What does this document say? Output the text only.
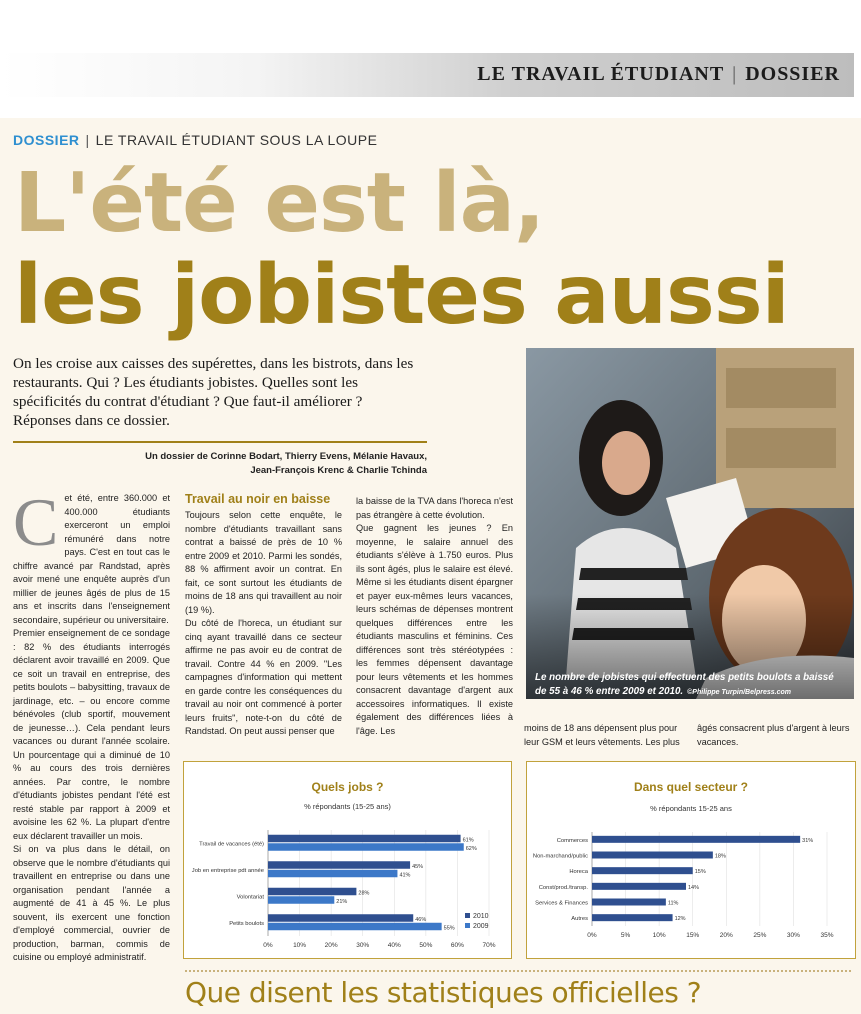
LE TRAVAIL ÉTUDIANT | DOSSIER
DOSSIER | LE TRAVAIL ÉTUDIANT SOUS LA LOUPE
L'été est là,
les jobistes aussi
On les croise aux caisses des supérettes, dans les bistrots, dans les restaurants. Qui ? Les étudiants jobistes. Quelles sont les spécificités du contrat d'étudiant ? Que faut-il améliorer ? Réponses dans ce dossier.
Un dossier de Corinne Bodart, Thierry Evens, Mélanie Havaux,
Jean-François Krenc & Charlie Tchinda
Le nombre de jobistes qui effectuent des petits boulots a baissé de 55 à 46 % entre 2009 et 2010. ©Philippe Turpin/Belpress.com

Cet été, entre 360.000 et 400.000 étudiants exerceront un emploi rémunéré dans notre pays. C'est en tout cas le chiffre avancé par Randstad, après avoir mené une enquête auprès d'un millier de jeunes âgés de plus de 15 ans et inscrits dans l'enseignement secondaire, supérieur ou universitaire.

Premier enseignement de ce sondage : 82 % des étudiants interrogés déclarent avoir travaillé en 2009. Que ce soit un travail en entreprise, des petits boulots – babysitting, travaux de jardinage, etc. – ou encore comme bénévoles (club sportif, mouvement de jeunesse…). Cela pendant leurs vacances ou durant l'année scolaire. Un pourcentage qui a diminué de 10 % au cours des trois dernières années. Par contre, le nombre d'étudiants jobistes pendant l'été est resté stable par rapport à 2009 et avoisine les 62 %. La plupart d'entre eux déclarent travailler un mois.

Si on va plus dans le détail, on observe que le nombre d'étudiants qui travaillent en entreprise ou dans une organisation pendant l'année a augmenté de 41 à 45 %. Le plus souvent, ils exercent une fonction d'employé commercial, ouvrier de production, barman, commis de cuisine ou employé administratif.

Travail au noir en baisse

Toujours selon cette enquête, le nombre d'étudiants travaillant sans contrat a baissé de près de 10 % entre 2009 et 2010. Parmi les sondés, 88 % affirment avoir un contrat. En fait, ce sont surtout les étudiants de moins de 18 ans qui travaillent au noir (19 %).

Du côté de l'horeca, un étudiant sur cinq ayant travaillé dans ce secteur affirme ne pas avoir eu de contrat de travail. Contre 44 % en 2009. "Les campagnes d'information qui mettent en garde contre les conséquences du travail au noir ont commencé à porter leurs fruits", note-t-on du côté de Randstad. On peut aussi penser que

la baisse de la TVA dans l'horeca n'est pas étrangère à cette évolution.

Que gagnent les jeunes ? En moyenne, le salaire annuel des étudiants s'élève à 1.750 euros. Plus ils sont âgés, plus le salaire est élevé. Même si les étudiants disent épargner et payer eux-mêmes leurs vacances, leurs schémas de dépenses montrent quelques différences entre les étudiants masculins et féminins. Ces différences sont très stéréotypées : les femmes dépensent davantage pour leurs vêtements et les hommes consacrent davantage d'argent aux accessoires informatiques. Il existe également des différences liées à l'âge. Les	moins de 18 ans dépensent plus pour leur GSM et leurs vêtements. Les plus
âgés consacrent plus d'argent à leurs vacances.
Quels jobs ?
% répondants (15-25 ans)
0%	10%	20%	30%	40%	50%	60%	70%
Travail de vacances (été)
61%
62%
Job en entreprise pdt année
45%
41%
Volontariat
28%
21%
Petits boulots
46%
55%
2010
2009
Dans quel secteur ?
% répondants 15-25 ans
0%	5%	10%	15%	20%	25%	30%	35%
Commerces	31%
Non-marchand/public	18%
Horeca	15%
Const/prod./transp.	14%
Services & Finances	11%
Autres	12%
Que disent les statistiques officielles ?
